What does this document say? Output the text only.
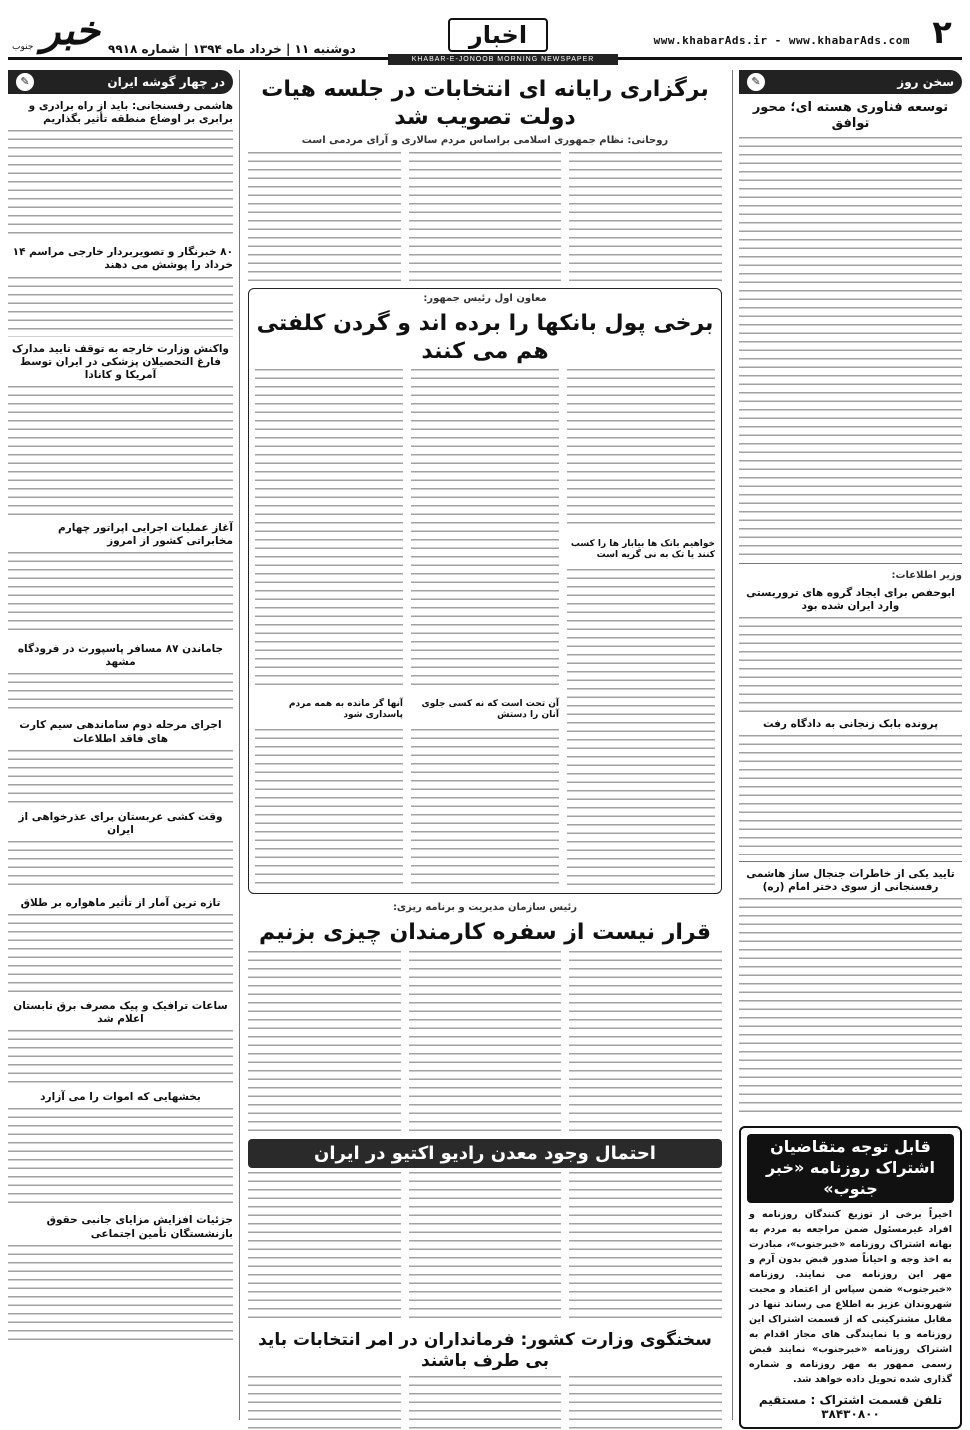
۲
www.khabarAds.ir - www.khabarAds.com
اخبار
KHABAR-E-JONOOB MORNING NEWSPAPER
دوشنبه ۱۱ | خرداد ماه ۱۳۹۴ | شماره ۹۹۱۸
خبر
جنوب
سخن روز
✎
توسعه فناوری هسته ای؛ محور توافق
وزیر اطلاعات:
ابوحفص برای ایجاد گروه های تروریستی وارد ایران شده بود
پرونده بابک زنجانی به دادگاه رفت
تایید یکی از خاطرات جنجال ساز هاشمی رفسنجانی از سوی دختر امام (ره)
قابل توجه متقاضیان
اشتراک روزنامه «خبر جنوب»
اخیراً برخی از توزیع کنندگان روزنامه و افراد غیرمسئول ضمن مراجعه به مردم به بهانه اشتراک روزنامه «خبرجنوب»، مبادرت به اخذ وجه و احیاناً صدور قبض بدون آرم و مهر این روزنامه می نمایند. روزنامه «خبرجنوب» ضمن سپاس از اعتماد و محبت شهروندان عزیز به اطلاع می رساند تنها در مقابل مشترکینی که از قسمت اشتراک این روزنامه و یا نمایندگی های مجاز اقدام به اشتراک روزنامه «خبرجنوب» نمایند قبض رسمی ممهور به مهر روزنامه و شماره گذاری شده تحویل داده خواهد شد.
تلفن قسمت اشتراک : مستقیم ۳۸۴۳۰۸۰۰
برگزاری رایانه ای انتخابات در جلسه هیات دولت تصویب شد
روحانی: نظام جمهوری اسلامی براساس مردم سالاری و آرای مردمی است
معاون اول رئیس جمهور:
برخی پول بانکها را برده اند و گردن کلفتی هم می کنند
خواهیم بانک ها بیابار ها را کسب کنند یا تک به نی گریه است
آن تحت است که نه کسی جلوی آنان را دستش
آنها گر مانده به همه مردم پاسداری شود
رئیس سازمان مدیریت و برنامه ریزی:
قرار نیست از سفره کارمندان چیزی بزنیم
احتمال وجود معدن رادیو اکتیو در ایران
سخنگوی وزارت کشور: فرمانداران در امر انتخابات باید بی طرف باشند
در چهار گوشه ایران
✎
هاشمی رفسنجانی: باید از راه برادری و برابری بر اوضاع منطقه تأثیر بگذاریم
۸۰ خبرنگار و تصویربردار خارجی مراسم ۱۴ خرداد را پوشش می دهند
واکنش وزارت خارجه به توقف تایید مدارک فارغ التحصیلان پزشکی در ایران توسط آمریکا و کانادا
آغاز عملیات اجرایی اپراتور چهارم مخابراتی کشور از امروز
جاماندن ۸۷ مسافر پاسپورت در فرودگاه مشهد
اجرای مرحله دوم ساماندهی سیم کارت های فاقد اطلاعات
وقت کشی عربستان برای عذرخواهی از ایران
تازه ترین آمار از تأثیر ماهواره بر طلاق
ساعات ترافیک و پیک مصرف برق تابستان اعلام شد
بخشهایی که اموات را می آزارد
جزئیات افزایش مزایای جانبی حقوق بازنشستگان تأمین اجتماعی
